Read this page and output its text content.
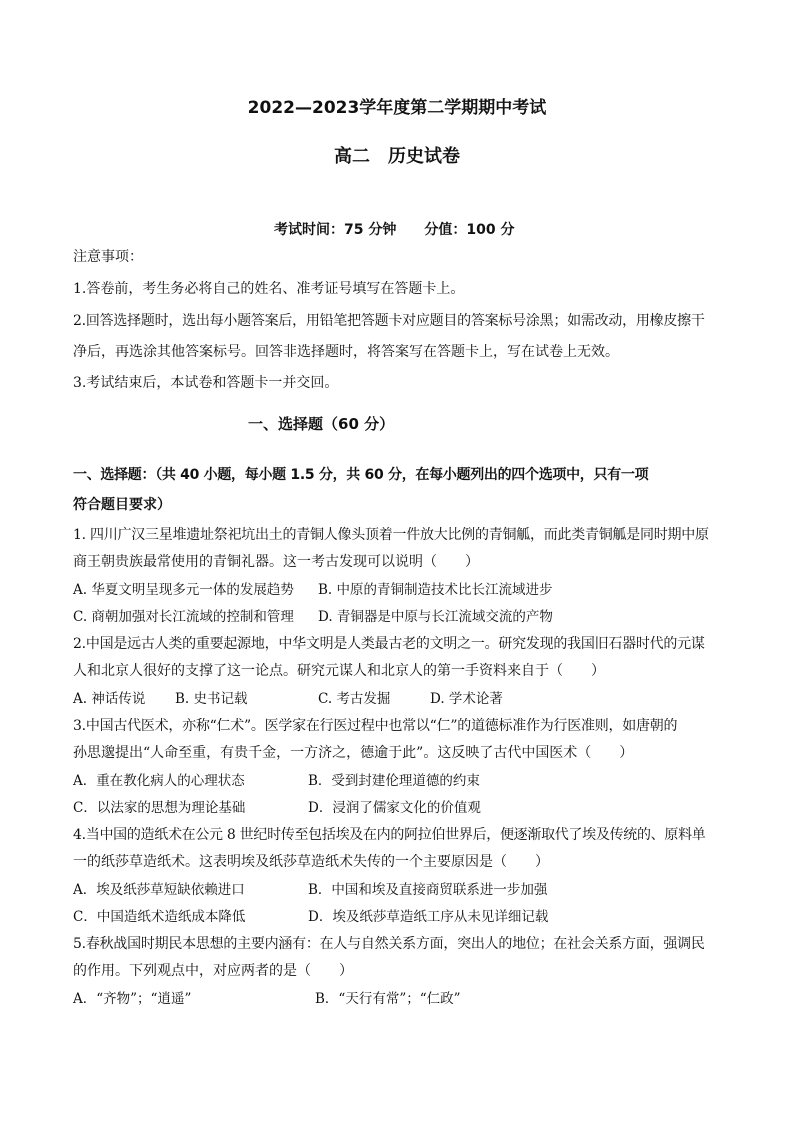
2022—2023学年度第二学期期中考试
高二　历史试卷
考试时间：75 分钟　　分值：100 分
注意事项：
1.答卷前，考生务必将自己的姓名、准考证号填写在答题卡上。
2.回答选择题时，选出每小题答案后，用铅笔把答题卡对应题目的答案标号涂黑；如需改动，用橡皮擦干
净后，再选涂其他答案标号。回答非选择题时，将答案写在答题卡上，写在试卷上无效。
3.考试结束后，本试卷和答题卡一并交回。
一、选择题（60 分）
一、选择题：（共 40 小题，每小题 1.5 分，共 60 分，在每小题列出的四个选项中，只有一项
符合题目要求）
1. 四川广汉三星堆遗址祭祀坑出土的青铜人像头顶着一件放大比例的青铜觚，而此类青铜觚是同时期中原
商王朝贵族最常使用的青铜礼器。这一考古发现可以说明（　　）
A. 华夏文明呈现多元一体的发展趋势 B. 中原的青铜制造技术比长江流域进步
C. 商朝加强对长江流域的控制和管理 D. 青铜器是中原与长江流域交流的产物
2.中国是远古人类的重要起源地，中华文明是人类最古老的文明之一。研究发现的我国旧石器时代的元谋
人和北京人很好的支撑了这一论点。研究元谋人和北京人的第一手资料来自于（　　）
A. 神话传说 B. 史书记载	C. 考古发掘	D. 学术论著
3.中国古代医术，亦称“仁术”。医学家在行医过程中也常以“仁”的道德标准作为行医准则，如唐朝的
孙思邈提出“人命至重，有贵千金，一方济之，德逾于此”。这反映了古代中国医术（　　）
A．重在教化病人的心理状态	B．受到封建伦理道德的约束
C．以法家的思想为理论基础	D．浸润了儒家文化的价值观
4.当中国的造纸术在公元 8 世纪时传至包括埃及在内的阿拉伯世界后，便逐渐取代了埃及传统的、原料单
一的纸莎草造纸术。这表明埃及纸莎草造纸术失传的一个主要原因是（　　）
A．埃及纸莎草短缺依赖进口	B．中国和埃及直接商贸联系进一步加强
C．中国造纸术造纸成本降低	D．埃及纸莎草造纸工序从未见详细记载
5.春秋战国时期民本思想的主要内涵有：在人与自然关系方面，突出人的地位；在社会关系方面，强调民
的作用。下列观点中，对应两者的是（　　）
A．“齐物”；“逍遥”	B．“天行有常”；“仁政”
